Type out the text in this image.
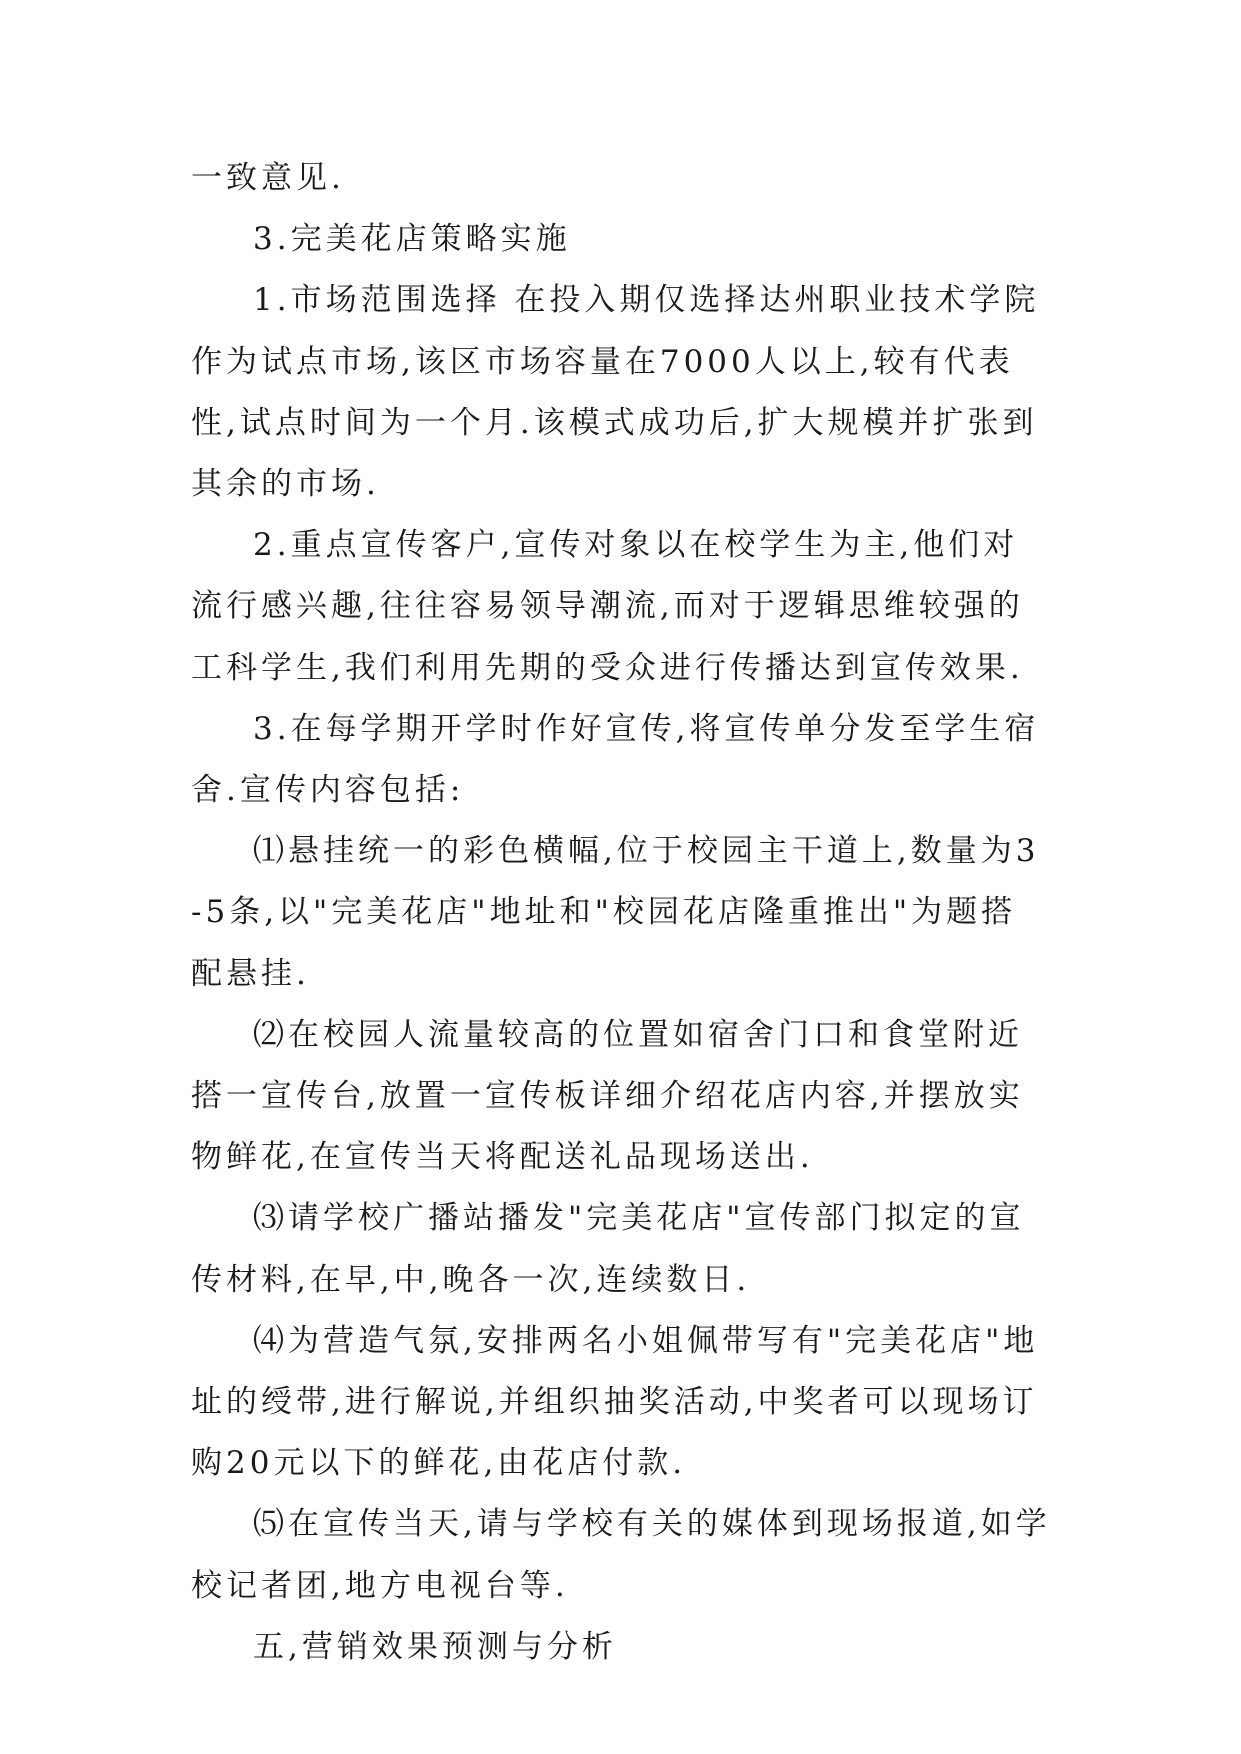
一致意见.

3.完美花店策略实施

1.市场范围选择 在投入期仅选择达州职业技术学院作为试点市场,该区市场容量在7000人以上,较有代表性,试点时间为一个月.该模式成功后,扩大规模并扩张到其余的市场.

2.重点宣传客户,宣传对象以在校学生为主,他们对流行感兴趣,往往容易领导潮流,而对于逻辑思维较强的工科学生,我们利用先期的受众进行传播达到宣传效果.

3.在每学期开学时作好宣传,将宣传单分发至学生宿舍.宣传内容包括:

⑴悬挂统一的彩色横幅,位于校园主干道上,数量为3-5条,以"完美花店"地址和"校园花店隆重推出"为题搭配悬挂.

⑵在校园人流量较高的位置如宿舍门口和食堂附近搭一宣传台,放置一宣传板详细介绍花店内容,并摆放实物鲜花,在宣传当天将配送礼品现场送出.

⑶请学校广播站播发"完美花店"宣传部门拟定的宣传材料,在早,中,晚各一次,连续数日.

⑷为营造气氛,安排两名小姐佩带写有"完美花店"地址的绶带,进行解说,并组织抽奖活动,中奖者可以现场订购20元以下的鲜花,由花店付款.

⑸在宣传当天,请与学校有关的媒体到现场报道,如学校记者团,地方电视台等.

五,营销效果预测与分析
